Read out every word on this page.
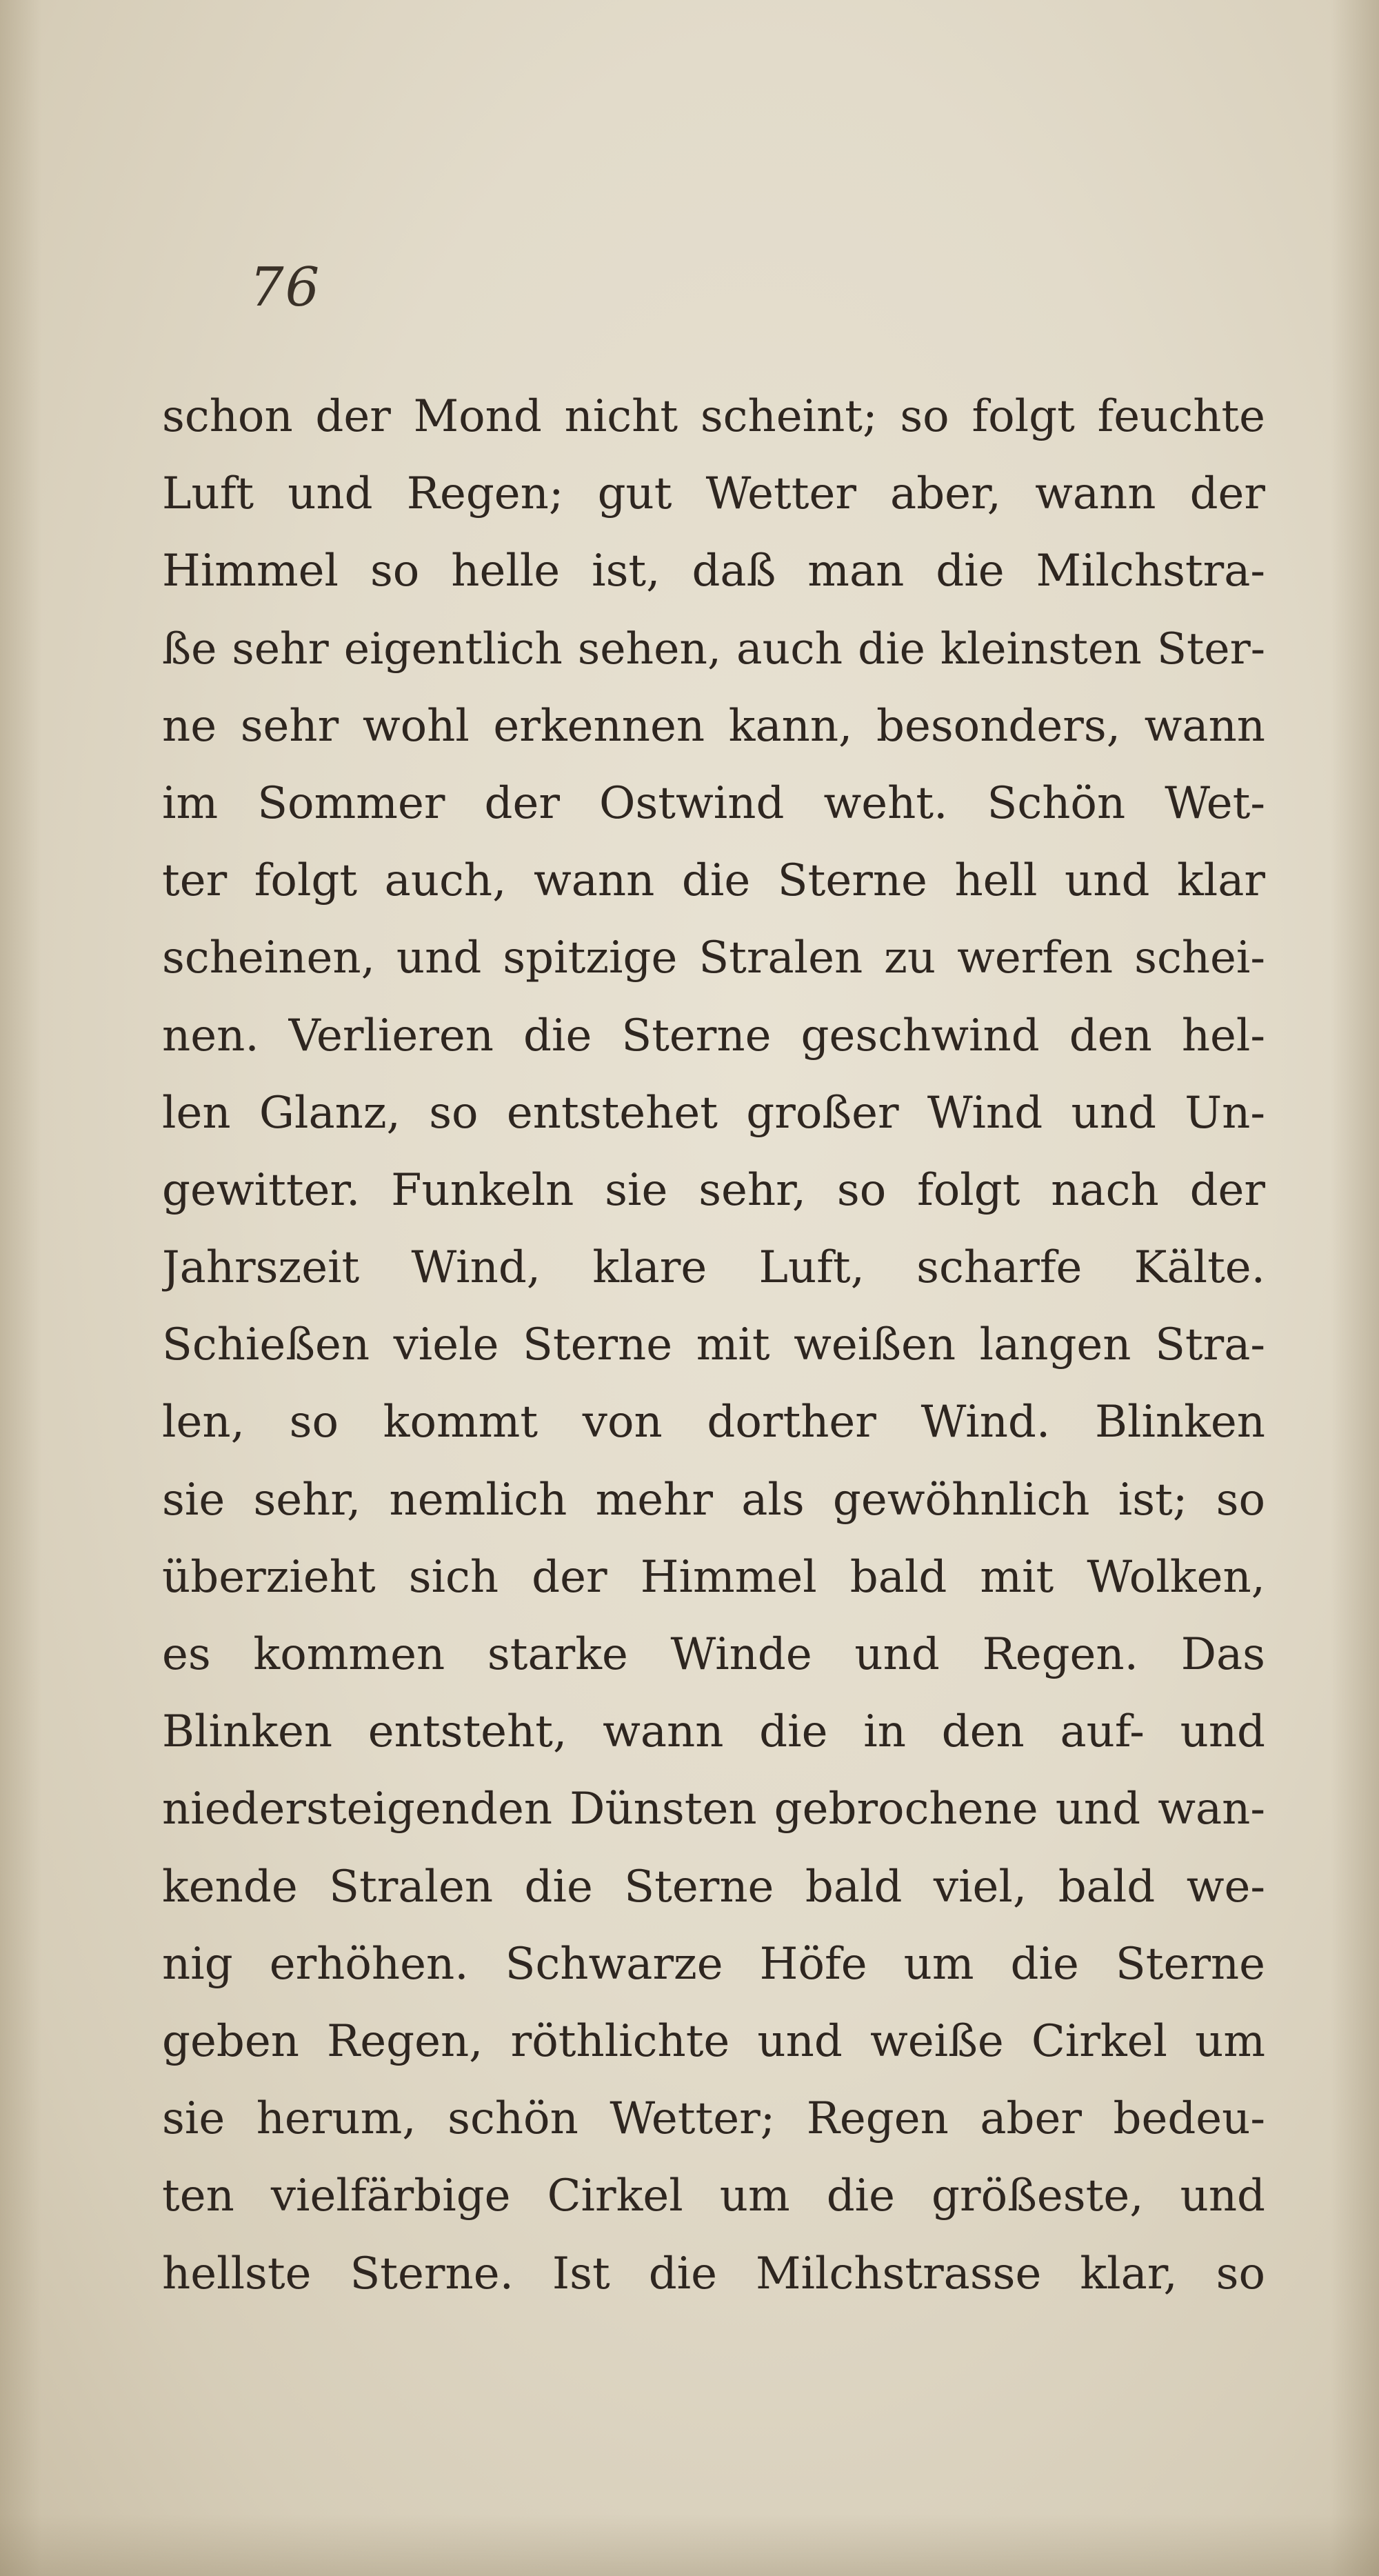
76
schon der Mond nicht scheint; so folgt feuchte
Luft und Regen; gut Wetter aber, wann der
Himmel so helle ist, daß man die Milchstra-
ße sehr eigentlich sehen, auch die kleinsten Ster-
ne sehr wohl erkennen kann, besonders, wann
im Sommer der Ostwind weht. Schön Wet-
ter folgt auch, wann die Sterne hell und klar
scheinen, und spitzige Stralen zu werfen schei-
nen. Verlieren die Sterne geschwind den hel-
len Glanz, so entstehet großer Wind und Un-
gewitter. Funkeln sie sehr, so folgt nach der
Jahrszeit Wind, klare Luft, scharfe Kälte.
Schießen viele Sterne mit weißen langen Stra-
len, so kommt von dorther Wind. Blinken
sie sehr, nemlich mehr als gewöhnlich ist; so
überzieht sich der Himmel bald mit Wolken,
es kommen starke Winde und Regen. Das
Blinken entsteht, wann die in den auf- und
niedersteigenden Dünsten gebrochene und wan-
kende Stralen die Sterne bald viel, bald we-
nig erhöhen. Schwarze Höfe um die Sterne
geben Regen, röthlichte und weiße Cirkel um
sie herum, schön Wetter; Regen aber bedeu-
ten vielfärbige Cirkel um die größeste, und
hellste Sterne. Ist die Milchstrasse klar, so
